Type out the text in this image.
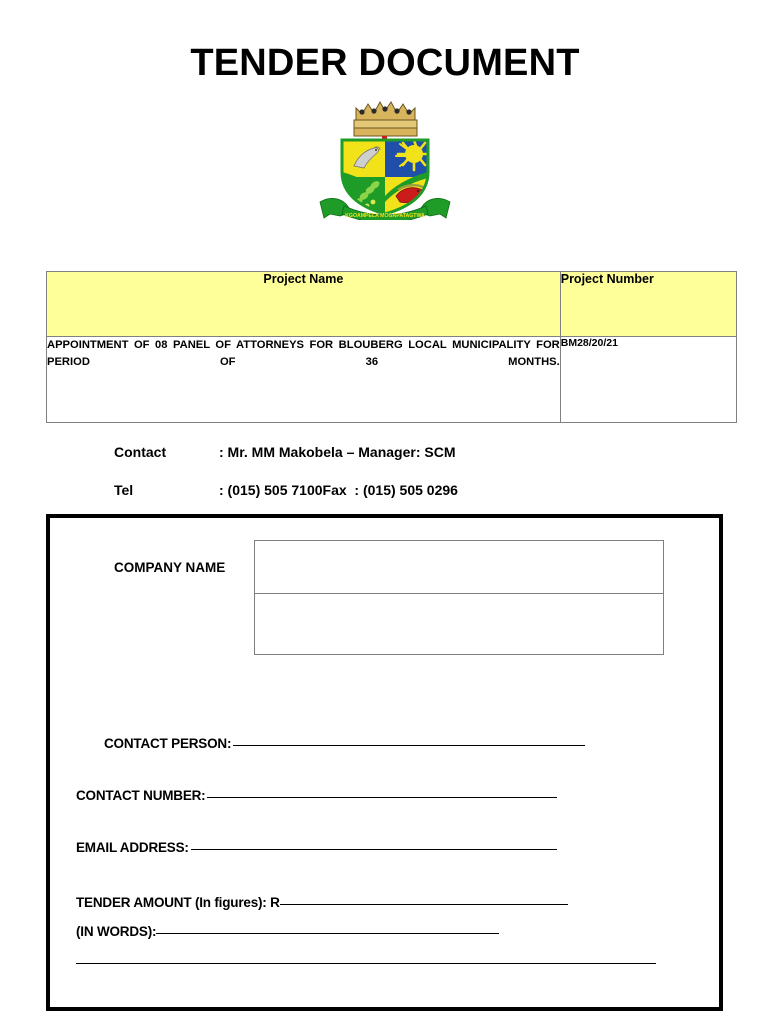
TENDER DOCUMENT
KGOAMPELA MOGAPATAGTWA
Project Name	Project Number
APPOINTMENT OF 08 PANEL OF ATTORNEYS FOR BLOUBERG LOCAL MUNICIPALITY FOR PERIOD OF 36 MONTHS.	BM28/20/21
Contact	: Mr. MM Makobela – Manager: SCM
Tel	: (015) 505 7100Fax  : (015) 505 0296
COMPANY NAME
CONTACT PERSON:
CONTACT NUMBER:
EMAIL ADDRESS:
TENDER AMOUNT (In figures): R
(IN WORDS):
